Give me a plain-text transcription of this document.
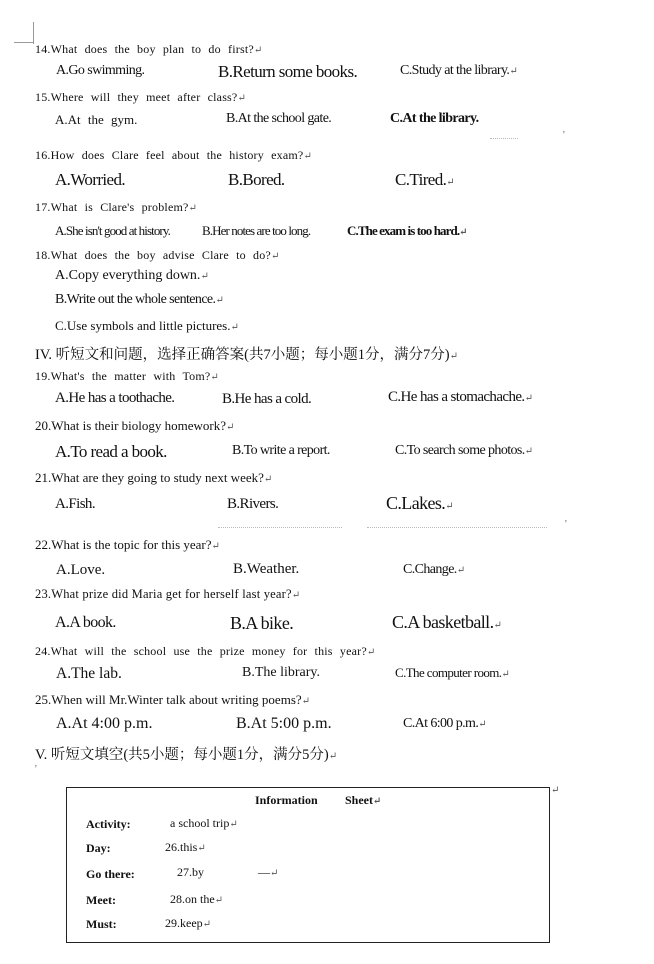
14.What does the boy plan to do first?↵
A.Go swimming.	B.Return some books.	C.Study at the library.↵
15.Where will they meet after class?↵
A.At the gym.	B.At the school gate.	C.At the library.
'
16.How does Clare feel about the history exam?↵
A.Worried.	B.Bored.	C.Tired.↵
17.What is Clare's problem?↵
A.She isn't good at history. B.Her notes are too long.	C.The exam is too hard.↵
18.What does the boy advise Clare to do?↵
A.Copy everything down.↵
B.Write out the whole sentence.↵
C.Use symbols and little pictures.↵
IV. 听短文和问题，选择正确答案(共7小题；每小题1分，满分7分)↵
19.What's the matter with Tom?↵
A.He has a toothache.	B.He has a cold.	C.He has a stomachache.↵
20.What is their biology homework?↵
A.To read a book.	B.To write a report.	C.To search some photos.↵
21.What are they going to study next week?↵
A.Fish.	B.Rivers.	C.Lakes.↵
'
22.What is the topic for this year?↵
A.Love.	B.Weather.	C.Change.↵
23.What prize did Maria get for herself last year?↵
A.A book.	B.A bike.	C.A basketball.↵
24.What will the school use the prize money for this year?↵
A.The lab.	B.The library.	C.The computer room.↵
25.When will Mr.Winter talk about writing poems?↵
A.At 4:00 p.m.	B.At 5:00 p.m.	C.At 6:00 p.m.↵
V. 听短文填空(共5小题；每小题1分，满分5分)↵
'
↵
Information Sheet↵
Activity:	a school trip↵
Day:	26.this↵
Go there:	27.by	—↵
Meet:	28.on the↵
Must:	29.keep↵
